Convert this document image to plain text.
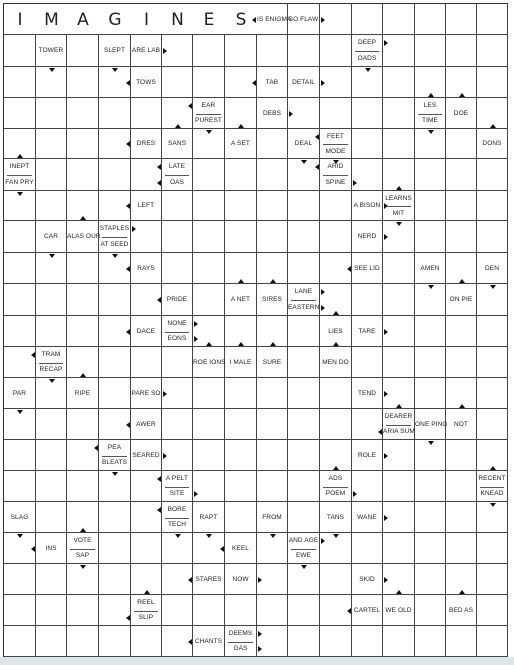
IS ENIGMA
SO FLAW
TOWER	SLEPT	ARE LAB
DEEP
OADS
TOWS	TAB	DETAIL
EAR
PUREST
DEBS
LES
TIME
DOE
DRES	SANS	A SET	DEAL
FEET
MODE
DONS
INEPT
FAN PRY
LATE
OAS
ARID
SPINE
LEFT	A BISON
LEARNS
MIT
CAR	ALAS OUR
STAPLES
AT SEED
NERD
RAYS	SEE LID	AMEN	DEN
PRIDE	A NET	SIRES
LANE
EASTERN
ON PIE
DACE
NONE
EONS
LIES	TARE
TRAM
RECAP
ROE IONS I MALE	SURE	MEN DO
PAR	RIPE	PARE SO	TEND
AWER
DEARER
ARIA SUM
ONE PING NOT
PEA
BLEATS
SEARED	ROLE
A PELT
SITE
ADS
POEM
RECENT
KNEAD
SLAG
BORE
TECH
RAPT	FROM	TANS	WANE
INS
VOTE
SAP
KEEL
AND AGE
EWE
STARES	NOW	SKID
REEL
SLIP
CARTEL WE OLD	BED AS
CHANTS
DEEMS
GAS
I	M	A	G	I	N	E	S
